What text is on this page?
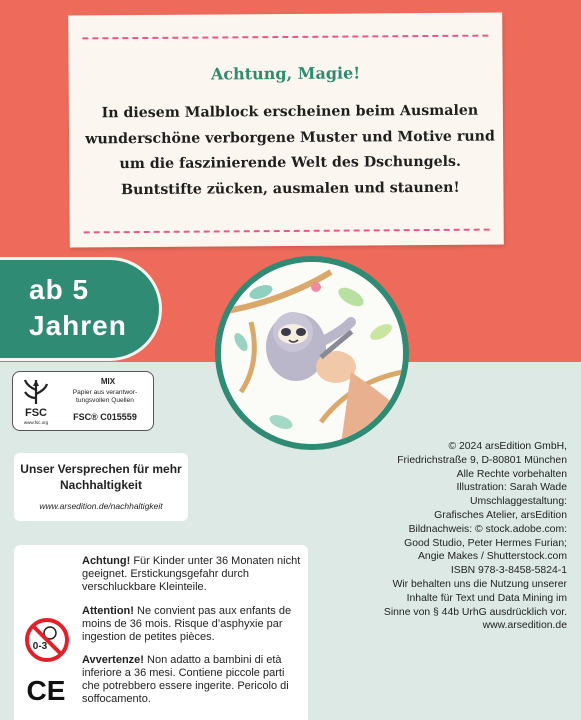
Achtung, Magie!
In diesem Malblock erscheinen beim Ausmalen wunderschöne verborgene Muster und Motive rund um die faszinierende Welt des Dschungels. Buntstifte zücken, ausmalen und staunen!
ab 5
Jahren
FSC
www.fsc.org
MIX
Papier aus verantwor-tungsvollen Quellen
FSC® C015559
Unser Versprechen für mehr Nachhaltigkeit
www.arsedition.de/nachhaltigkeit
Achtung! Für Kinder unter 36 Monaten nicht geeignet. Erstickungsgefahr durch verschluckbare Kleinteile.
Attention! Ne convient pas aux enfants de moins de 36 mois. Risque d’asphyxie par ingestion de petites pièces.
Avvertenze! Non adatto a bambini di età inferiore a 36 mesi. Contiene piccole parti che potrebbero essere ingerite. Pericolo di soffocamento.
0-3
CE
© 2024 arsEdition GmbH,
Friedrichstraße 9, D-80801 München
Alle Rechte vorbehalten
Illustration: Sarah Wade
Umschlaggestaltung:
Grafisches Atelier, arsEdition
Bildnachweis: © stock.adobe.com:
Good Studio, Peter Hermes Furian;
Angie Makes / Shutterstock.com
ISBN 978-3-8458-5824-1
Wir behalten uns die Nutzung unserer
Inhalte für Text und Data Mining im
Sinne von § 44b UrhG ausdrücklich vor.
www.arsedition.de
